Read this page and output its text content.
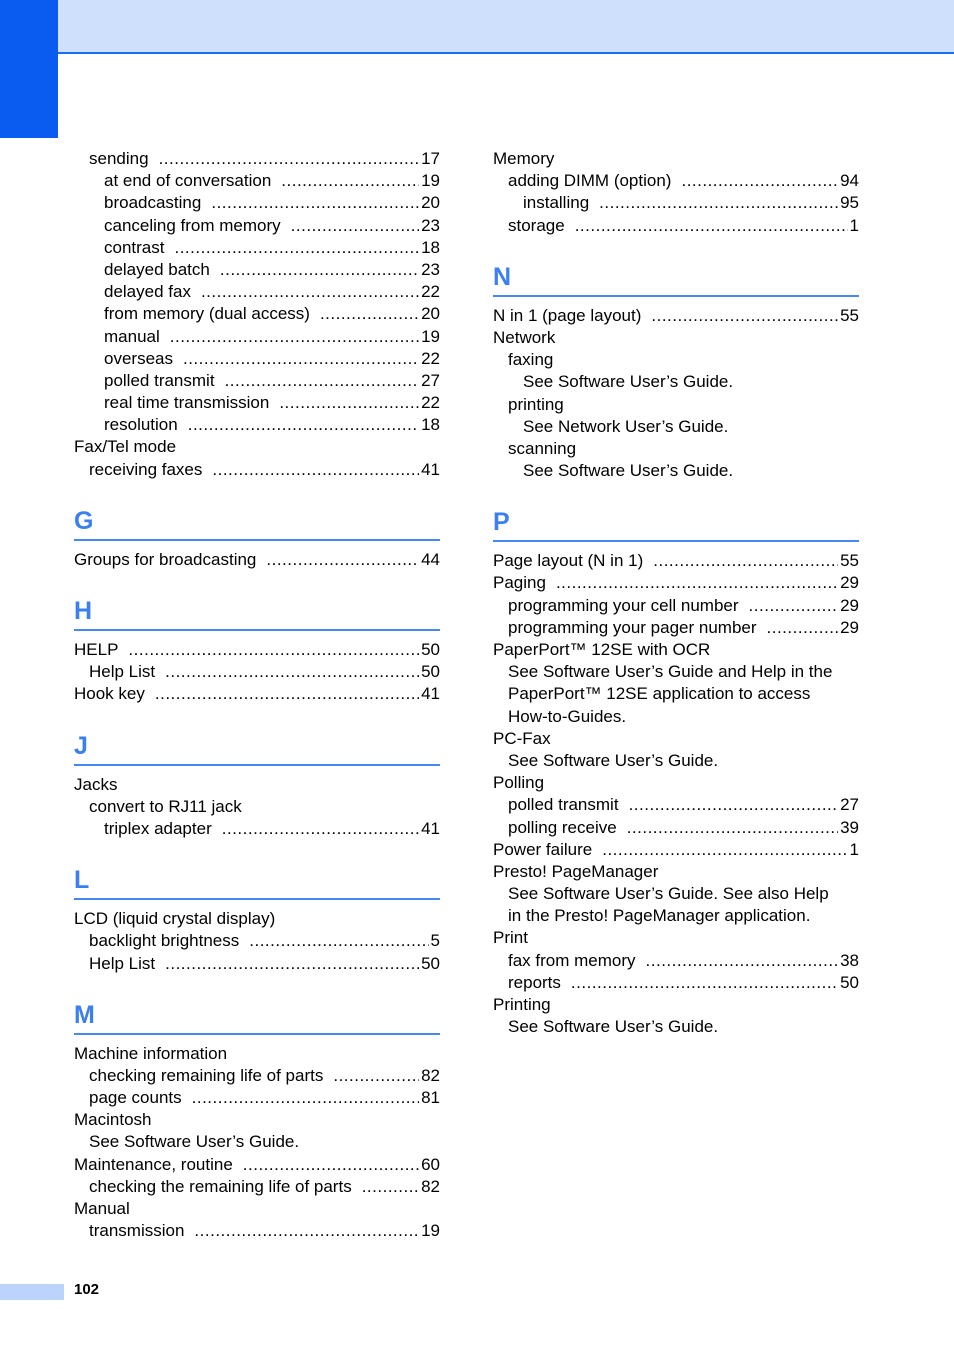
sending .....	17
at end of conversation .....	19
broadcasting .....	20
canceling from memory .....	23
contrast .....	18
delayed batch .....	23
delayed fax .....	22
from memory (dual access) .....	20
manual .....	19
overseas .....	22
polled transmit .....	27
real time transmission .....	22
resolution .....	18
Fax/Tel mode
receiving faxes .....	41
G
Groups for broadcasting .....	44
H
HELP .....	50
Help List .....	50
Hook key .....	41
J
Jacks
convert to RJ11 jack
triplex adapter .....	41
L
LCD (liquid crystal display)
backlight brightness .....	5
Help List .....	50
M
Machine information
checking remaining life of parts .....	82
page counts .....	81
Macintosh
See Software User’s Guide.
Maintenance, routine .....	60
checking the remaining life of parts .....	82
Manual
transmission .....	19
Memory
adding DIMM (option) .....	94
installing .....	95
storage .....	1
N
N in 1 (page layout) .....	55
Network
faxing
See Software User’s Guide.
printing
See Network User’s Guide.
scanning
See Software User’s Guide.
P
Page layout (N in 1) .....	55
Paging .....	29
programming your cell number .....	29
programming your pager number .....	29
PaperPort™ 12SE with OCR
See Software User’s Guide and Help in the
PaperPort™ 12SE application to access
How-to-Guides.
PC-Fax
See Software User’s Guide.
Polling
polled transmit .....	27
polling receive .....	39
Power failure .....	1
Presto! PageManager
See Software User’s Guide. See also Help
in the Presto! PageManager application.
Print
fax from memory .....	38
reports .....	50
Printing
See Software User’s Guide.
102
